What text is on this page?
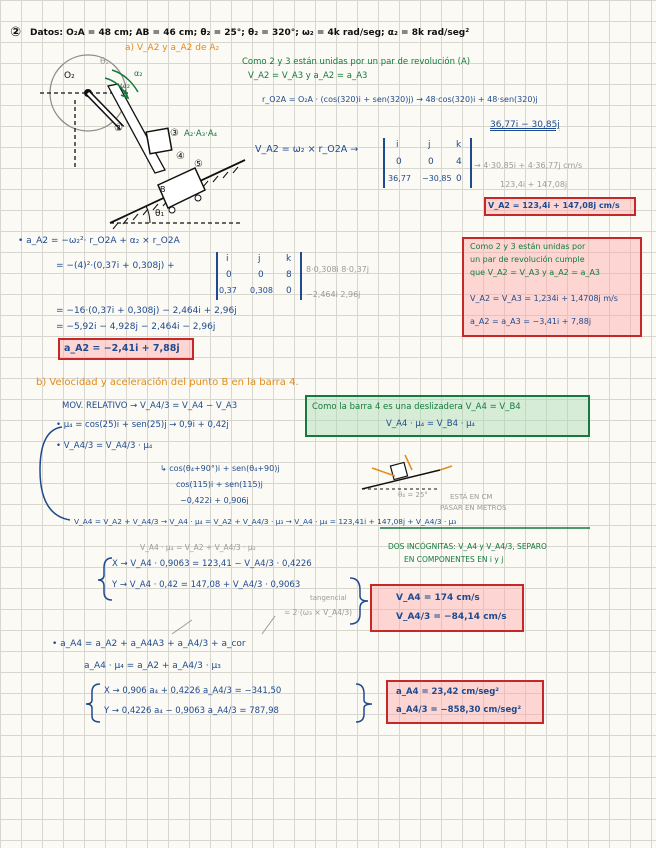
② Datos: O₂A = 48 cm; AB = 46 cm; θ₂ = 25°; θ₂ = 320°; ω₂ = 4k rad/seg; α₂ = 8k rad/seg²
a) V_A2 y a_A2 de A₂
Como 2 y 3 están unidas por un par de revolución (A)
V_A2 = V_A3 y a_A2 = a_A3
r_O2A = O₂A · (cos(320)i + sen(320)j) → 48·cos(320)i + 48·sen(320)j
36,77i − 30,85j
V_A2 = ω₂ × r_O2A →	i	j	k
0	0 4
36,77 −30,85 0
→ 4·30,85i + 4·36,77j cm/s
123,4i + 147,08j
V_A2 = 123,4i + 147,08j cm/s
• a_A2 = −ω₂²· r_O2A + α₂ × r_O2A
= −(4)²·(0,37i + 0,308j) +
i	j	k
0	0 8
0,37 0,308 0
8·0,308i 8·0,37j
−2,464i 2,96j
= −16·(0,37i + 0,308j) − 2,464i + 2,96j
= −5,92i − 4,928j − 2,464i − 2,96j
a_A2 = −2,41i + 7,88j
Como 2 y 3 están unidas por
un par de revolución cumple
que V_A2 = V_A3 y a_A2 = a_A3
V_A2 = V_A3 = 1,234i + 1,4708j m/s
a_A2 = a_A3 = −3,41i + 7,88j
O₂
θ₂
ω₂
α₂
A₂·A₃·A₄
B
θ₁
②	③
④
⑤
b) Velocidad y aceleración del punto B en la barra 4.
MOV. RELATIVO → V_A4/3 = V_A4 − V_A3
• μ₄ = cos(25)i + sen(25)j → 0,9i + 0,42j
• V_A4/3 = V_A4/3 · μ₄
↳ cos(θ₄+90°)i + sen(θ₄+90)j
cos(115)i + sen(115)j
−0,422i + 0,906j
Como la barra 4 es una deslizadera V_A4 = V_B4
V_A4 · μ₄ = V_B4 · μ₄
θ₄ = 25°	ESTÁ EN CM
PASAR EN METROS
V_A4 = V_A2 + V_A4/3 → V_A4 · μ₄ = V_A2 + V_A4/3 · μ₃ → V_A4 · μ₄ = 123,41i + 147,08j + V_A4/3 · μ₃
DOS INCÓGNITAS: V_A4 y V_A4/3, SEPARO
EN COMPONENTES EN i y j
V_A4 · μ₄ = V_A2 + V_A4/3 · μ₃
X → V_A4 · 0,9063 = 123,41 − V_A4/3 · 0,4226
Y → V_A4 · 0,42 = 147,08 + V_A4/3 · 0,9063
V_A4 = 174 cm/s
V_A4/3 = −84,14 cm/s
tangencial
= 2·(ω₃ × V_A4/3)
• a_A4 = a_A2 + a_A4A3 + a_A4/3 + a_cor
a_A4 · μ₄ = a_A2 + a_A4/3 · μ₃
X → 0,906 a₄ + 0,4226 a_A4/3 = −341,50
Y → 0,4226 a₄ − 0,9063 a_A4/3 = 787,98
a_A4 = 23,42 cm/seg²
a_A4/3 = −858,30 cm/seg²
